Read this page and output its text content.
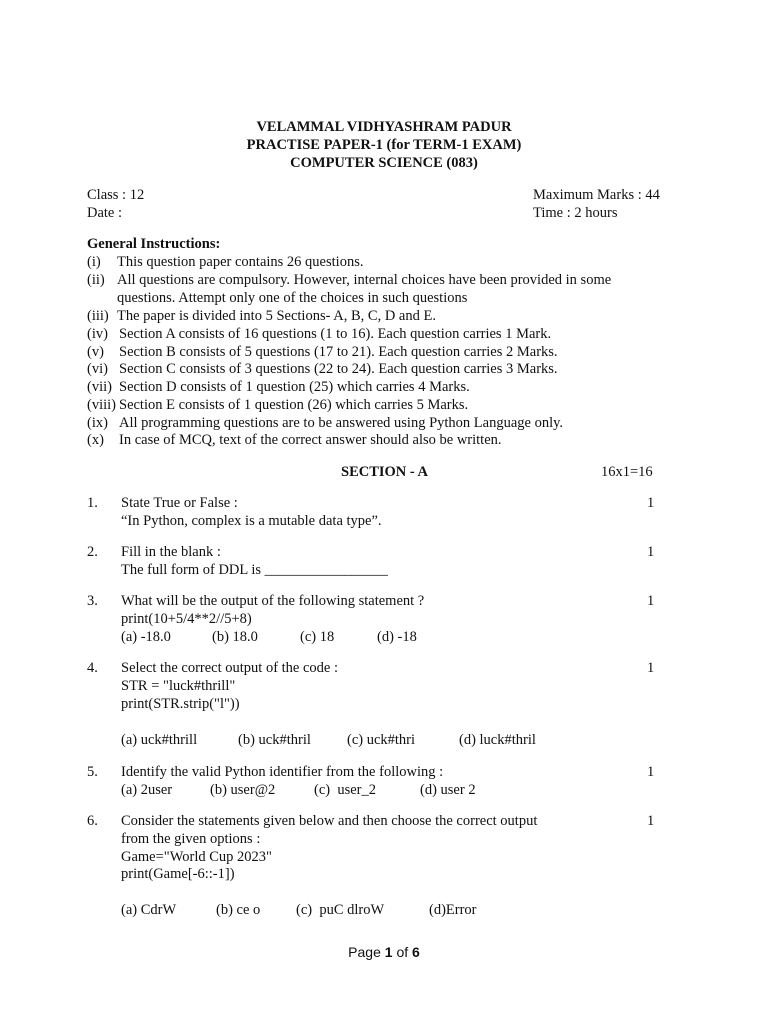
VELAMMAL VIDHYASHRAM PADUR
PRACTISE PAPER-1 (for TERM-1 EXAM)
COMPUTER SCIENCE (083)
Class : 12
Date :
Maximum Marks : 44
Time : 2 hours
General Instructions:
(i) This question paper contains 26 questions.
(ii) All questions are compulsory. However, internal choices have been provided in some
questions. Attempt only one of the choices in such questions
(iii) The paper is divided into 5 Sections- A, B, C, D and E.
(iv) Section A consists of 16 questions (1 to 16). Each question carries 1 Mark.
(v) Section B consists of 5 questions (17 to 21). Each question carries 2 Marks.
(vi) Section C consists of 3 questions (22 to 24). Each question carries 3 Marks.
(vii) Section D consists of 1 question (25) which carries 4 Marks.
(viii) Section E consists of 1 question (26) which carries 5 Marks.
(ix) All programming questions are to be answered using Python Language only.
(x) In case of MCQ, text of the correct answer should also be written.
SECTION - A	16x1=16
1. State True or False :
“In Python, complex is a mutable data type”.
1
2. Fill in the blank :
The full form of DDL is _________________
1
3. What will be the output of the following statement ?
print(10+5/4**2//5+8)
(a) -18.0	(b) 18.0	(c) 18	(d) -18
1
4. Select the correct output of the code :
STR = "luck#thrill"
print(STR.strip("l"))
(a) uck#thrill	(b) uck#thril (c) uck#thri	(d) luck#thril
1
5. Identify the valid Python identifier from the following :
(a) 2user	(b) user@2	(c)  user_2	(d) user 2
1
6. Consider the statements given below and then choose the correct output
from the given options :
Game="World Cup 2023"
print(Game[-6::-1])
(a) CdrW	(b) ce o (c)  puC dlroW	(d)Error
1
Page 1 of 6
